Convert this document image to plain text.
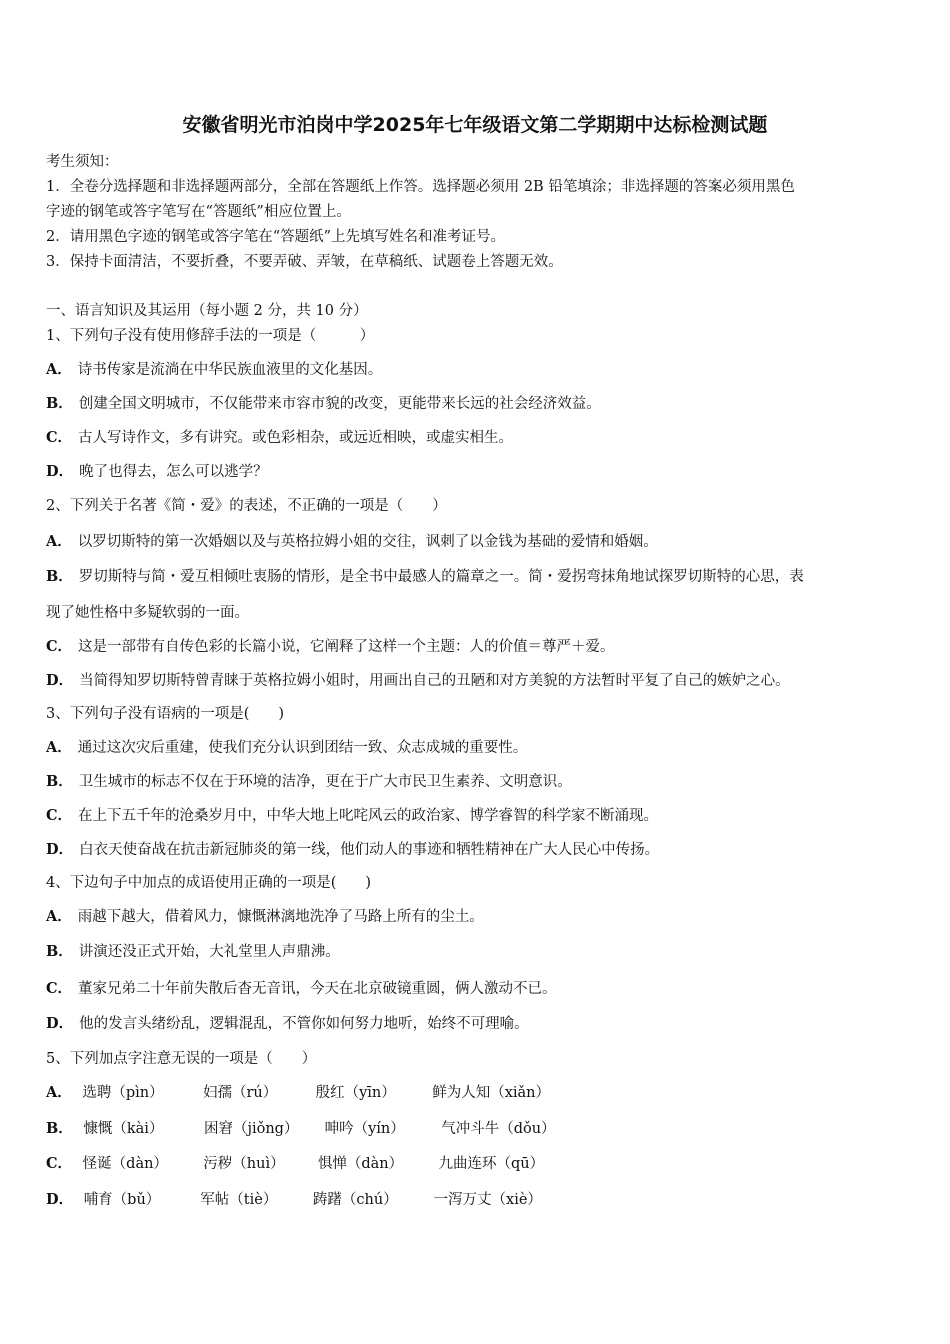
安徽省明光市泊岗中学2025年七年级语文第二学期期中达标检测试题
考生须知：
1．全卷分选择题和非选择题两部分，全部在答题纸上作答。选择题必须用 2B 铅笔填涂；非选择题的答案必须用黑色
字迹的钢笔或答字笔写在“答题纸”相应位置上。
2．请用黑色字迹的钢笔或答字笔在“答题纸”上先填写姓名和准考证号。
3．保持卡面清洁，不要折叠，不要弄破、弄皱，在草稿纸、试题卷上答题无效。
一、语言知识及其运用（每小题 2 分，共 10 分）
1、下列句子没有使用修辞手法的一项是（　　　）
A． 诗书传家是流淌在中华民族血液里的文化基因。
B． 创建全国文明城市，不仅能带来市容市貌的改变，更能带来长远的社会经济效益。
C． 古人写诗作文，多有讲究。或色彩相杂，或远近相映，或虚实相生。
D． 晚了也得去，怎么可以逃学？
2、下列关于名著《简・爱》的表述，不正确的一项是（　　）
A． 以罗切斯特的第一次婚姻以及与英格拉姆小姐的交往，讽刺了以金钱为基础的爱情和婚姻。
B． 罗切斯特与简・爱互相倾吐衷肠的情形，是全书中最感人的篇章之一。简・爱拐弯抹角地试探罗切斯特的心思，表
现了她性格中多疑软弱的一面。
C． 这是一部带有自传色彩的长篇小说，它阐释了这样一个主题：人的价值＝尊严＋爱。
D． 当简得知罗切斯特曾青睐于英格拉姆小姐时，用画出自己的丑陋和对方美貌的方法暂时平复了自己的嫉妒之心。
3、下列句子没有语病的一项是(　　)
A． 通过这次灾后重建，使我们充分认识到团结一致、众志成城的重要性。
B． 卫生城市的标志不仅在于环境的洁净，更在于广大市民卫生素养、文明意识。
C． 在上下五千年的沧桑岁月中，中华大地上叱咤风云的政治家、博学睿智的科学家不断涌现。
D． 白衣天使奋战在抗击新冠肺炎的第一线，他们动人的事迹和牺牲精神在广大人民心中传扬。
4、下边句子中加点的成语使用正确的一项是(　　)
A． 雨越下越大，借着风力，慷慨淋漓地洗净了马路上所有的尘土。
B． 讲演还没正式开始，大礼堂里人声鼎沸。
C． 董家兄弟二十年前失散后杳无音讯，今天在北京破镜重圆，俩人激动不已。
D． 他的发言头绪纷乱，逻辑混乱，不管你如何努力地听，始终不可理喻。
5、下列加点字注意无误的一项是（　　）
A． 选聘（pìn）	妇孺（rú）	殷红（yīn）	鲜为人知（xiǎn）
B． 慷慨（kài）	困窘（jiǒng） 呻吟（yín）	气冲斗牛（dǒu）
C． 怪诞（dàn） 污秽（huì） 惧惮（dàn） 九曲连环（qū）
D． 哺育（bǔ）	军帖（tiè） 踌躇（chú） 一泻万丈（xiè）
